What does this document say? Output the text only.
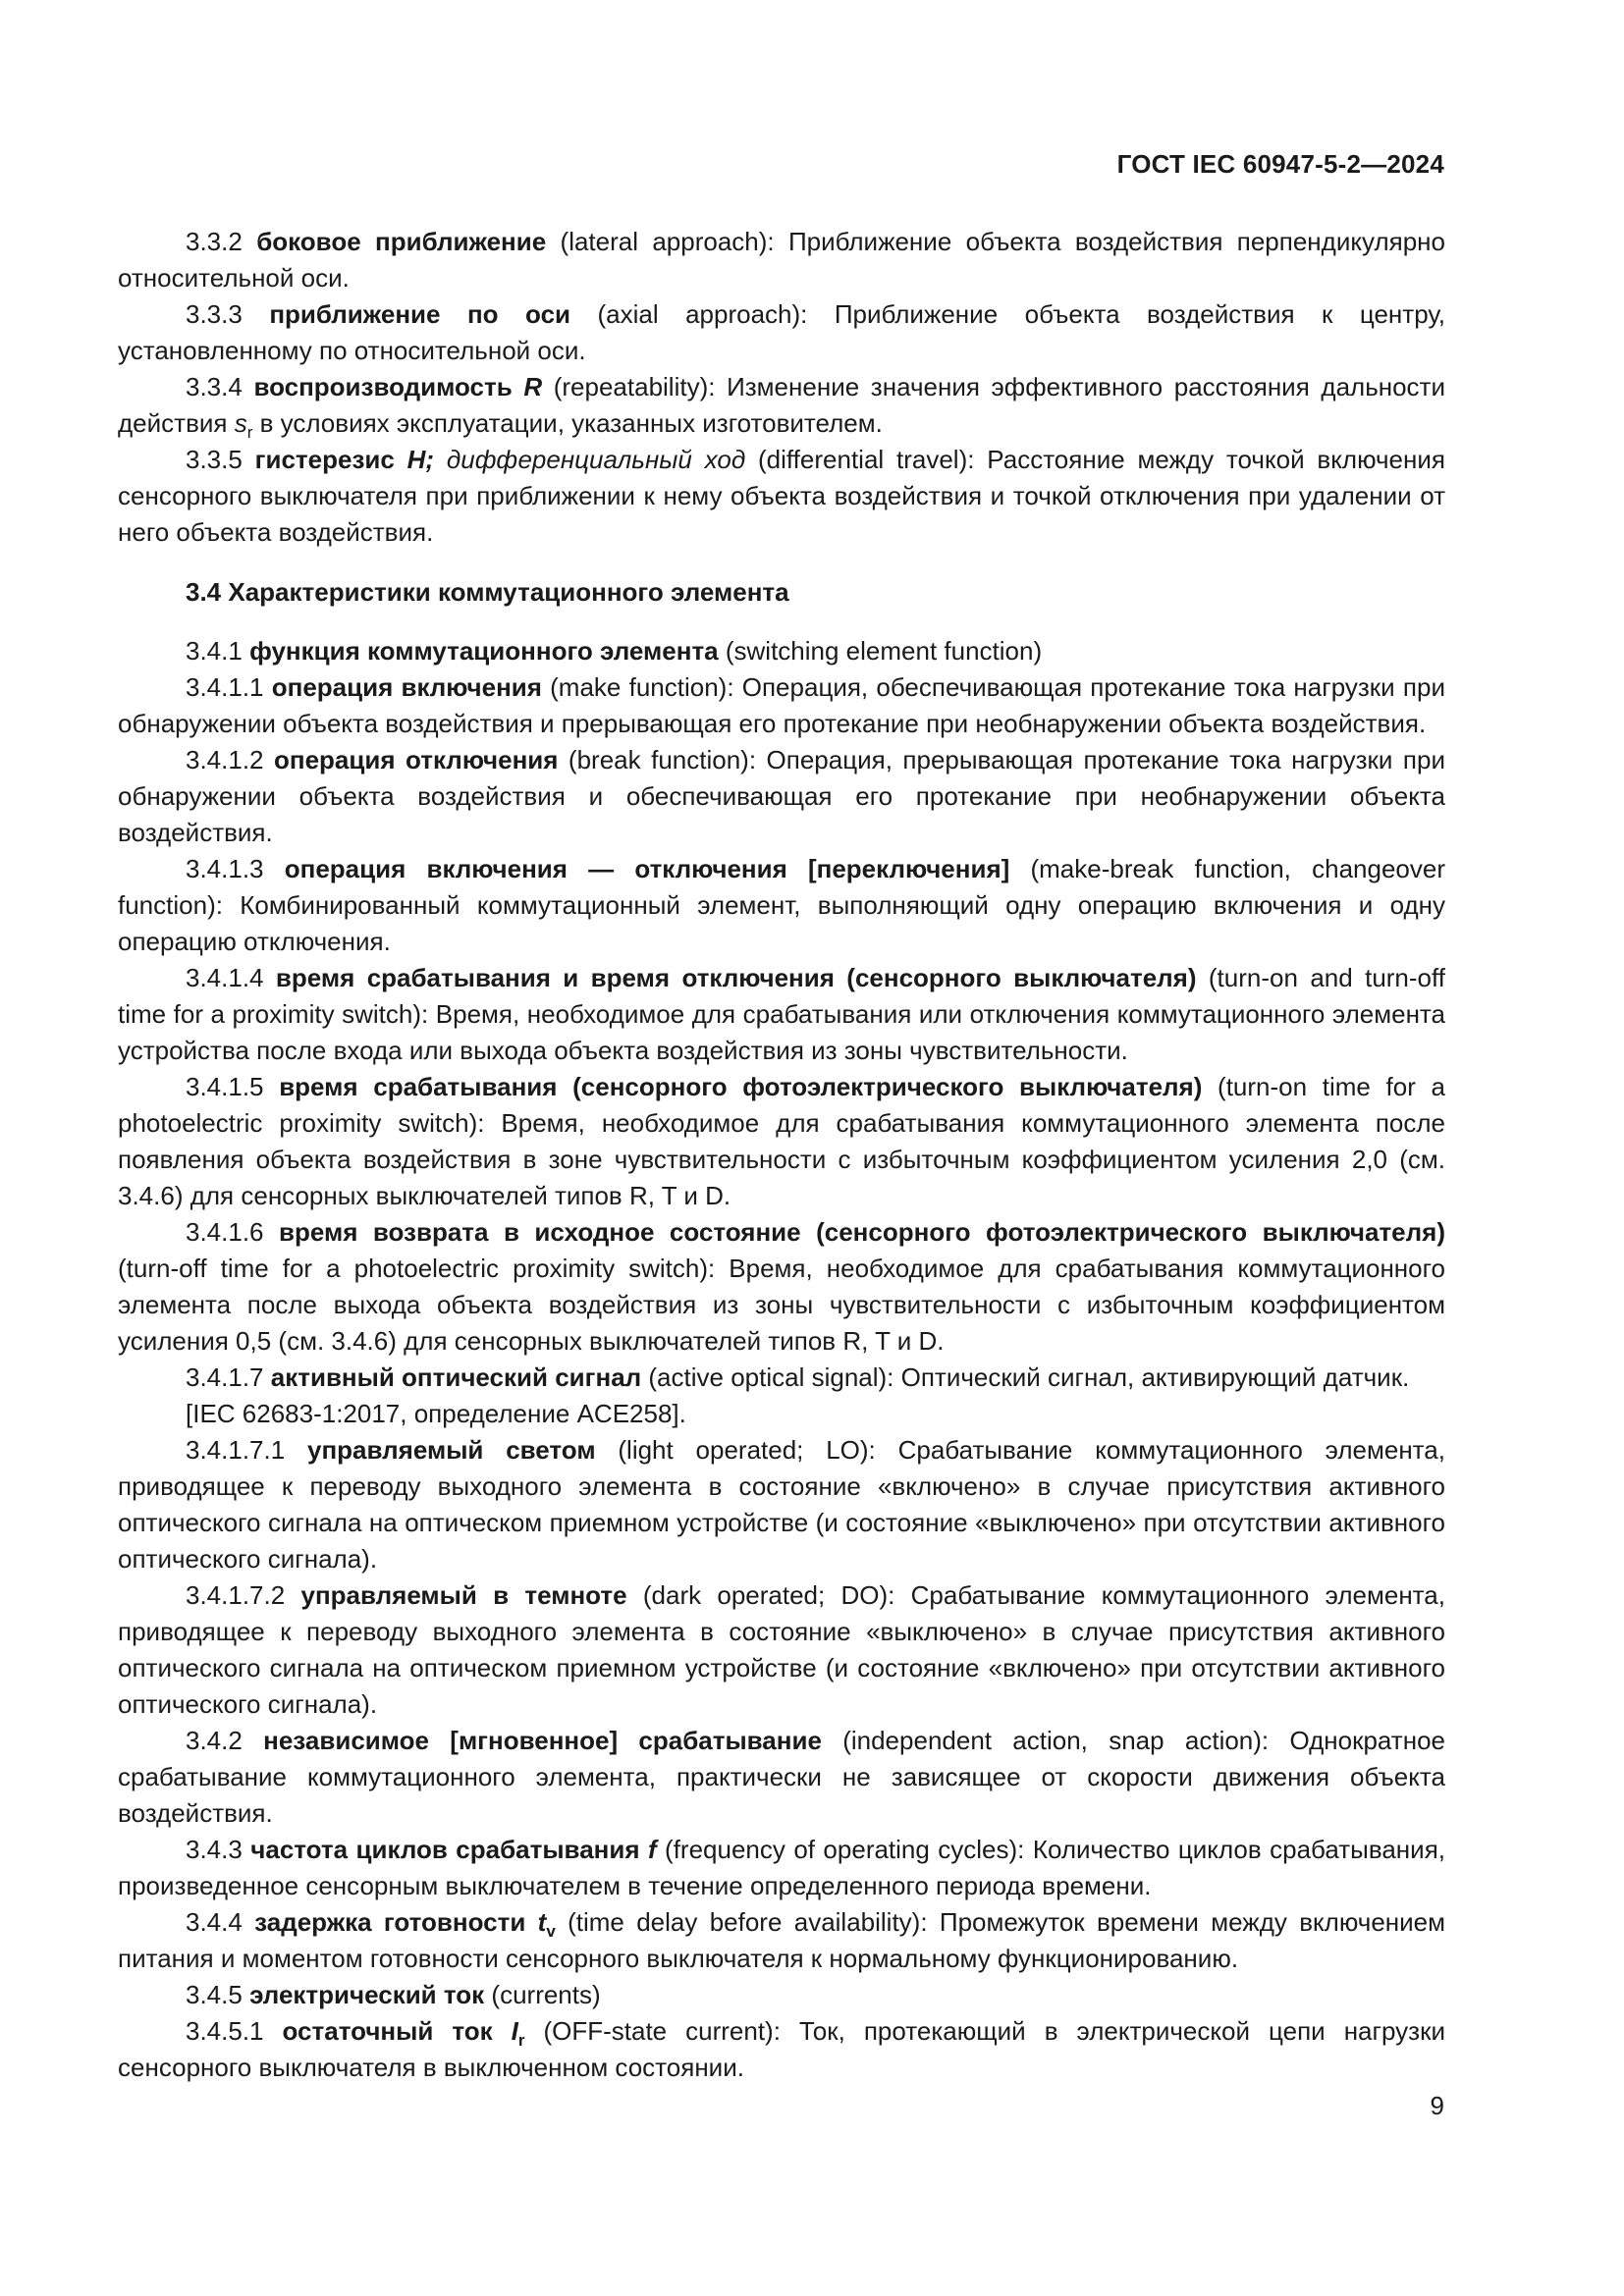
ГОСТ IEC 60947-5-2—2024

3.3.2 боковое приближение (lateral approach): Приближение объекта воздействия перпендикулярно относительной оси.

3.3.3 приближение по оси (axial approach): Приближение объекта воздействия к центру, установленному по относительной оси.

3.3.4 воспроизводимость R (repeatability): Изменение значения эффективного расстояния дальности действия $s_r$ в условиях эксплуатации, указанных изготовителем.

3.3.5 гистерезис H; дифференциальный ход (differential travel): Расстояние между точкой включения сенсорного выключателя при приближении к нему объекта воздействия и точкой отключения при удалении от него объекта воздействия.

3.4 Характеристики коммутационного элемента

3.4.1 функция коммутационного элемента (switching element function)

3.4.1.1 операция включения (make function): Операция, обеспечивающая протекание тока нагрузки при обнаружении объекта воздействия и прерывающая его протекание при необнаружении объекта воздействия.

3.4.1.2 операция отключения (break function): Операция, прерывающая протекание тока нагрузки при обнаружении объекта воздействия и обеспечивающая его протекание при необнаружении объекта воздействия.

3.4.1.3 операция включения — отключения [переключения] (make-break function, changeover function): Комбинированный коммутационный элемент, выполняющий одну операцию включения и одну операцию отключения.

3.4.1.4 время срабатывания и время отключения (сенсорного выключателя) (turn-on and turn-off time for a proximity switch): Время, необходимое для срабатывания или отключения коммутационного элемента устройства после входа или выхода объекта воздействия из зоны чувствительности.

3.4.1.5 время срабатывания (сенсорного фотоэлектрического выключателя) (turn-on time for a photoelectric proximity switch): Время, необходимое для срабатывания коммутационного элемента после появления объекта воздействия в зоне чувствительности с избыточным коэффициентом усиления 2,0 (см. 3.4.6) для сенсорных выключателей типов R, T и D.

3.4.1.6 время возврата в исходное состояние (сенсорного фотоэлектрического выключателя) (turn-off time for a photoelectric proximity switch): Время, необходимое для срабатывания коммутационного элемента после выхода объекта воздействия из зоны чувствительности с избыточным коэффициентом усиления 0,5 (см. 3.4.6) для сенсорных выключателей типов R, T и D.

3.4.1.7 активный оптический сигнал (active optical signal): Оптический сигнал, активирующий датчик.

[IEC 62683-1:2017, определение ACE258].

3.4.1.7.1 управляемый светом (light operated; LO): Срабатывание коммутационного элемента, приводящее к переводу выходного элемента в состояние «включено» в случае присутствия активного оптического сигнала на оптическом приемном устройстве (и состояние «выключено» при отсутствии активного оптического сигнала).

3.4.1.7.2 управляемый в темноте (dark operated; DO): Срабатывание коммутационного элемента, приводящее к переводу выходного элемента в состояние «выключено» в случае присутствия активного оптического сигнала на оптическом приемном устройстве (и состояние «включено» при отсутствии активного оптического сигнала).

3.4.2 независимое [мгновенное] срабатывание (independent action, snap action): Однократное срабатывание коммутационного элемента, практически не зависящее от скорости движения объекта воздействия.

3.4.3 частота циклов срабатывания f (frequency of operating cycles): Количество циклов срабатывания, произведенное сенсорным выключателем в течение определенного периода времени.

3.4.4 задержка готовности $t_v$ (time delay before availability): Промежуток времени между включением питания и моментом готовности сенсорного выключателя к нормальному функционированию.

3.4.5 электрический ток (currents)

3.4.5.1 остаточный ток $I_r$ (OFF-state current): Ток, протекающий в электрической цепи нагрузки сенсорного выключателя в выключенном состоянии.

9
